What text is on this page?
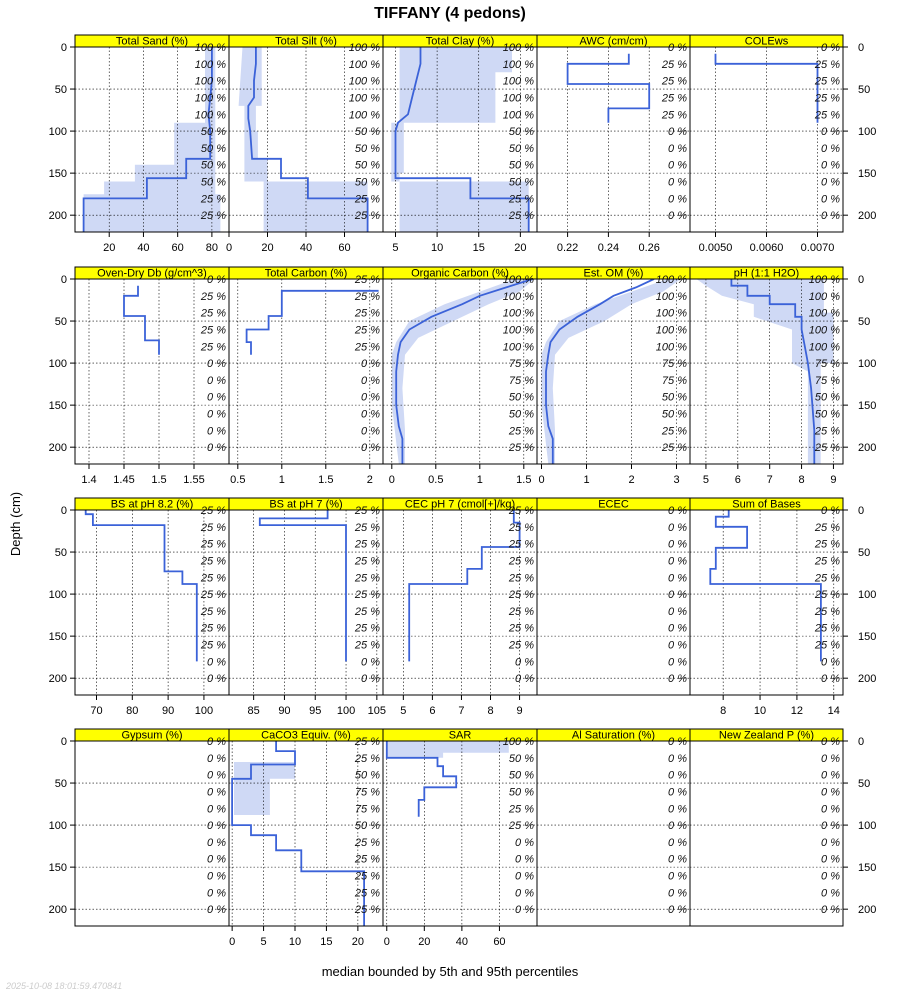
TIFFANY (4 pedons)
Total Sand (%)
100 %
100 %
100 %
100 %
100 %
50 %
50 %
50 %
50 %
25 %
25 %
20 40 60 80
Total Silt (%)
100 %
100 %
100 %
100 %
100 %
50 %
50 %
50 %
50 %
25 %
25 %
0	20 40 60
Total Clay (%)
100 %
100 %
100 %
100 %
100 %
50 %
50 %
50 %
50 %
25 %
25 %
5	10	15	20
AWC (cm/cm)
0 %
25 %
25 %
25 %
25 %
0 %
0 %
0 %
0 %
0 %
0 %
0.22 0.24 0.26
COLEws
0 %
25 %
25 %
25 %
25 %
0 %
0 %
0 %
0 %
0 %
0 %
0.0050 0.0060 0.0070
Oven-Dry Db (g/cm^3)
0 %
25 %
25 %
25 %
25 %
0 %
0 %
0 %
0 %
0 %
0 %
1.4 1.45 1.5 1.55
Total Carbon (%)
25 %
25 %
25 %
25 %
25 %
0 %
0 %
0 %
0 %
0 %
0 %
0.5	1	1.5	2
Organic Carbon (%)
100 %
100 %
100 %
100 %
100 %
75 %
75 %
50 %
50 %
25 %
25 %
0	0.5	1	1.5
Est. OM (%)
100 %
100 %
100 %
100 %
100 %
75 %
75 %
50 %
50 %
25 %
25 %
0	1	2	3
pH (1:1 H2O)
100 %
100 %
100 %
100 %
100 %
75 %
75 %
50 %
50 %
25 %
25 %
5 6 7 8 9
BS at pH 8.2 (%)
25 %
25 %
25 %
25 %
25 %
25 %
25 %
25 %
25 %
0 %
0 %
70 80 90 100
BS at pH 7 (%)
25 %
25 %
25 %
25 %
25 %
25 %
25 %
25 %
25 %
0 %
0 %
85 90 95 100 105
CEC pH 7 (cmol[+]/kg)
25 %
25 %
25 %
25 %
25 %
25 %
25 %
25 %
25 %
0 %
0 %
5 6 7 8 9
ECEC
0 %
0 %
0 %
0 %
0 %
0 %
0 %
0 %
0 %
0 %
0 %
Sum of Bases
0 %
25 %
25 %
25 %
25 %
25 %
25 %
25 %
25 %
0 %
0 %
8	10 12 14
Gypsum (%)
0 %
0 %
0 %
0 %
0 %
0 %
0 %
0 %
0 %
0 %
0 %
CaCO3 Equiv. (%)
25 %
25 %
50 %
75 %
75 %
50 %
25 %
25 %
25 %
25 %
25 %
0 5 10 15 20
SAR
100 %
50 %
50 %
50 %
25 %
25 %
0 %
0 %
0 %
0 %
0 %
0	20 40 60
Al Saturation (%)
0 %
0 %
0 %
0 %
0 %
0 %
0 %
0 %
0 %
0 %
0 %
New Zealand P (%)
0 %
0 %
0 %
0 %
0 %
0 %
0 %
0 %
0 %
0 %
0 %
0	0
50	50
100	100
150	150
200	200
0	0
50	50
100	100
150	150
200	200
0	0
50	50
100	100
150	150
200	200
0	0
50	50
100	100
150	150
200	200
Depth (cm)
median bounded by 5th and 95th percentiles
2025-10-08 18:01:59.470841
